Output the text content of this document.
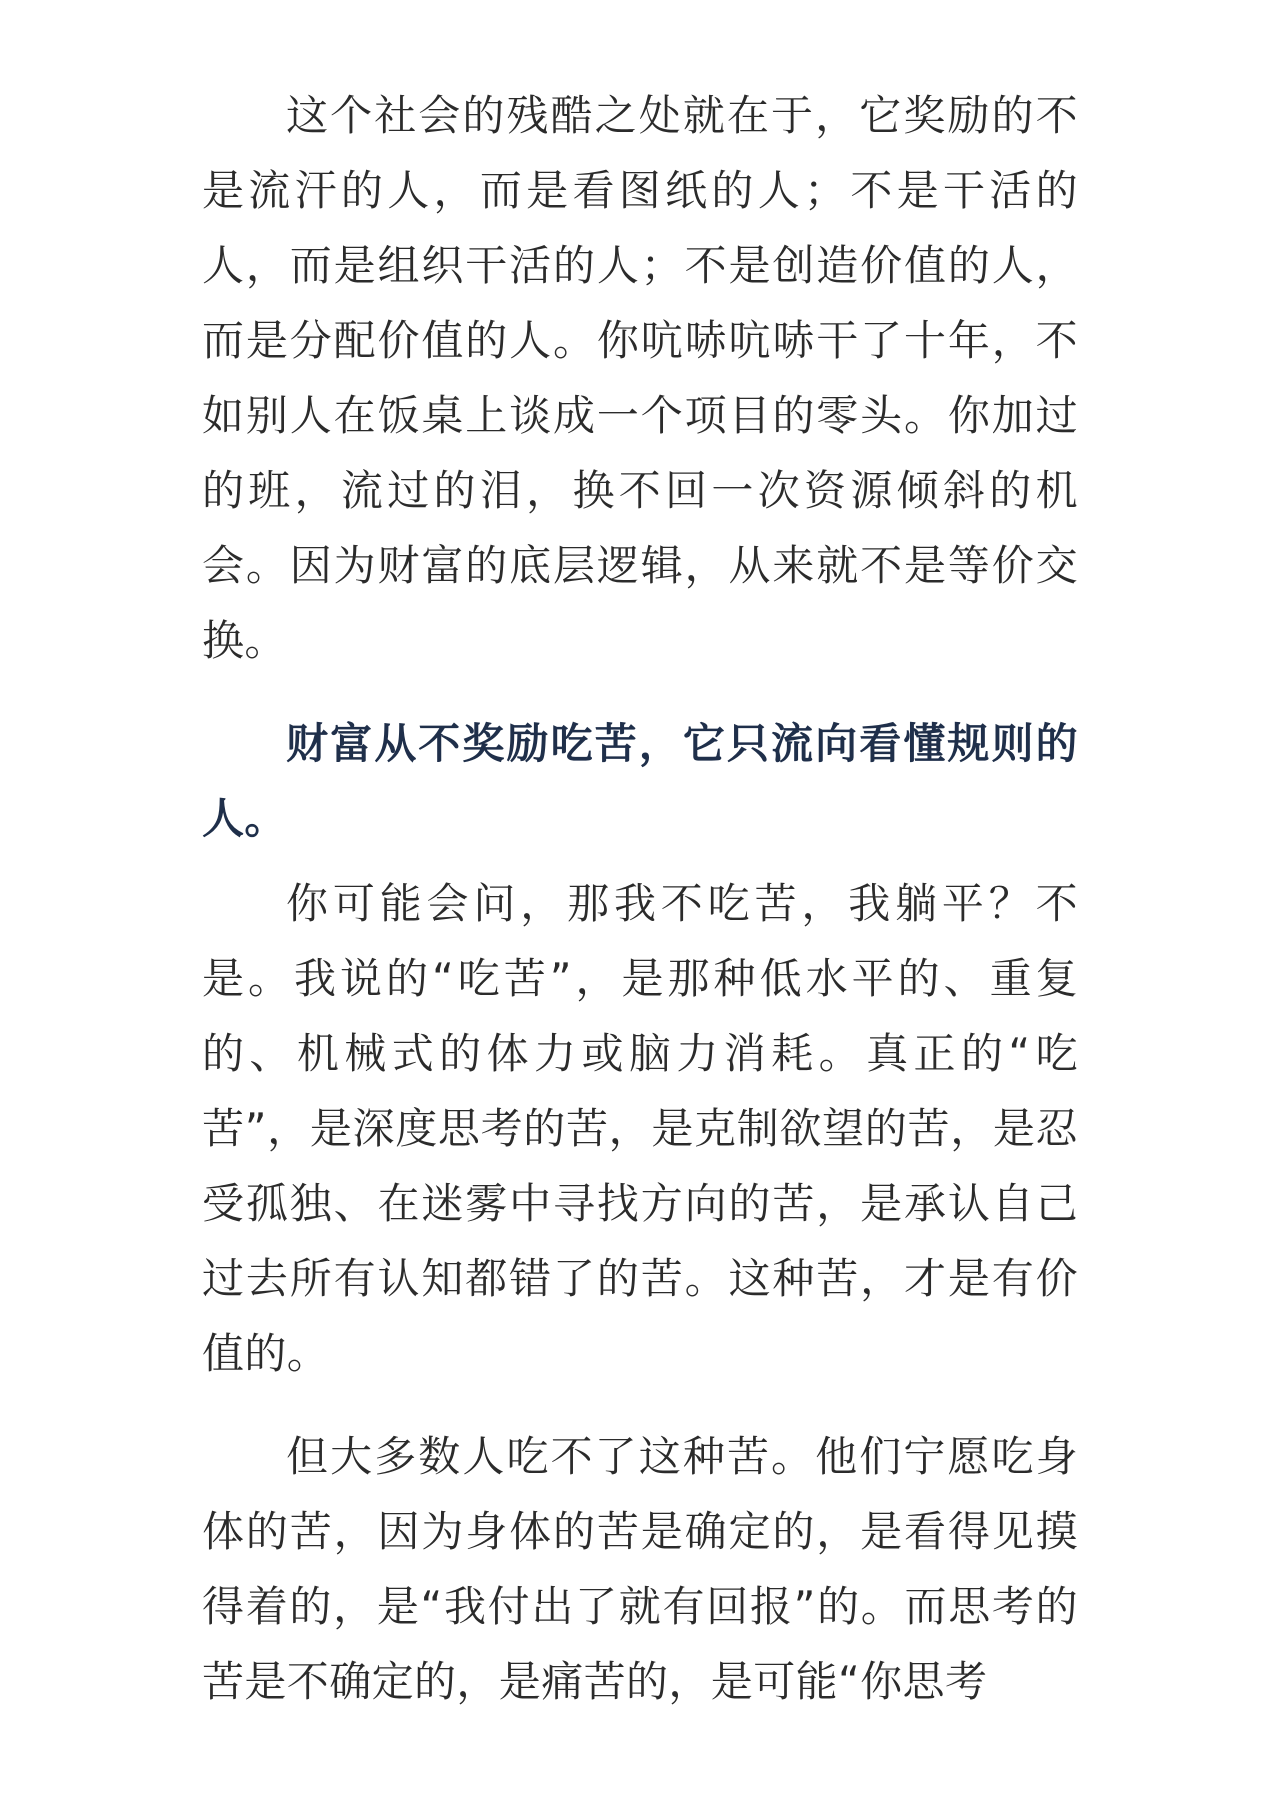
这个社会的残酷之处就在于，它奖励的不是流汗的人，而是看图纸的人；不是干活的人，而是组织干活的人；不是创造价值的人，而是分配价值的人。你吭哧吭哧干了十年，不如别人在饭桌上谈成一个项目的零头。你加过的班，流过的泪，换不回一次资源倾斜的机会。因为财富的底层逻辑，从来就不是等价交换。

财富从不奖励吃苦，它只流向看懂规则的人。

你可能会问，那我不吃苦，我躺平？不是。我说的“吃苦”，是那种低水平的、重复的、机械式的体力或脑力消耗。真正的“吃苦”，是深度思考的苦，是克制欲望的苦，是忍受孤独、在迷雾中寻找方向的苦，是承认自己过去所有认知都错了的苦。这种苦，才是有价值的。

但大多数人吃不了这种苦。他们宁愿吃身体的苦，因为身体的苦是确定的，是看得见摸得着的，是“我付出了就有回报”的。而思考的苦是不确定的，是痛苦的，是可能“你思考
